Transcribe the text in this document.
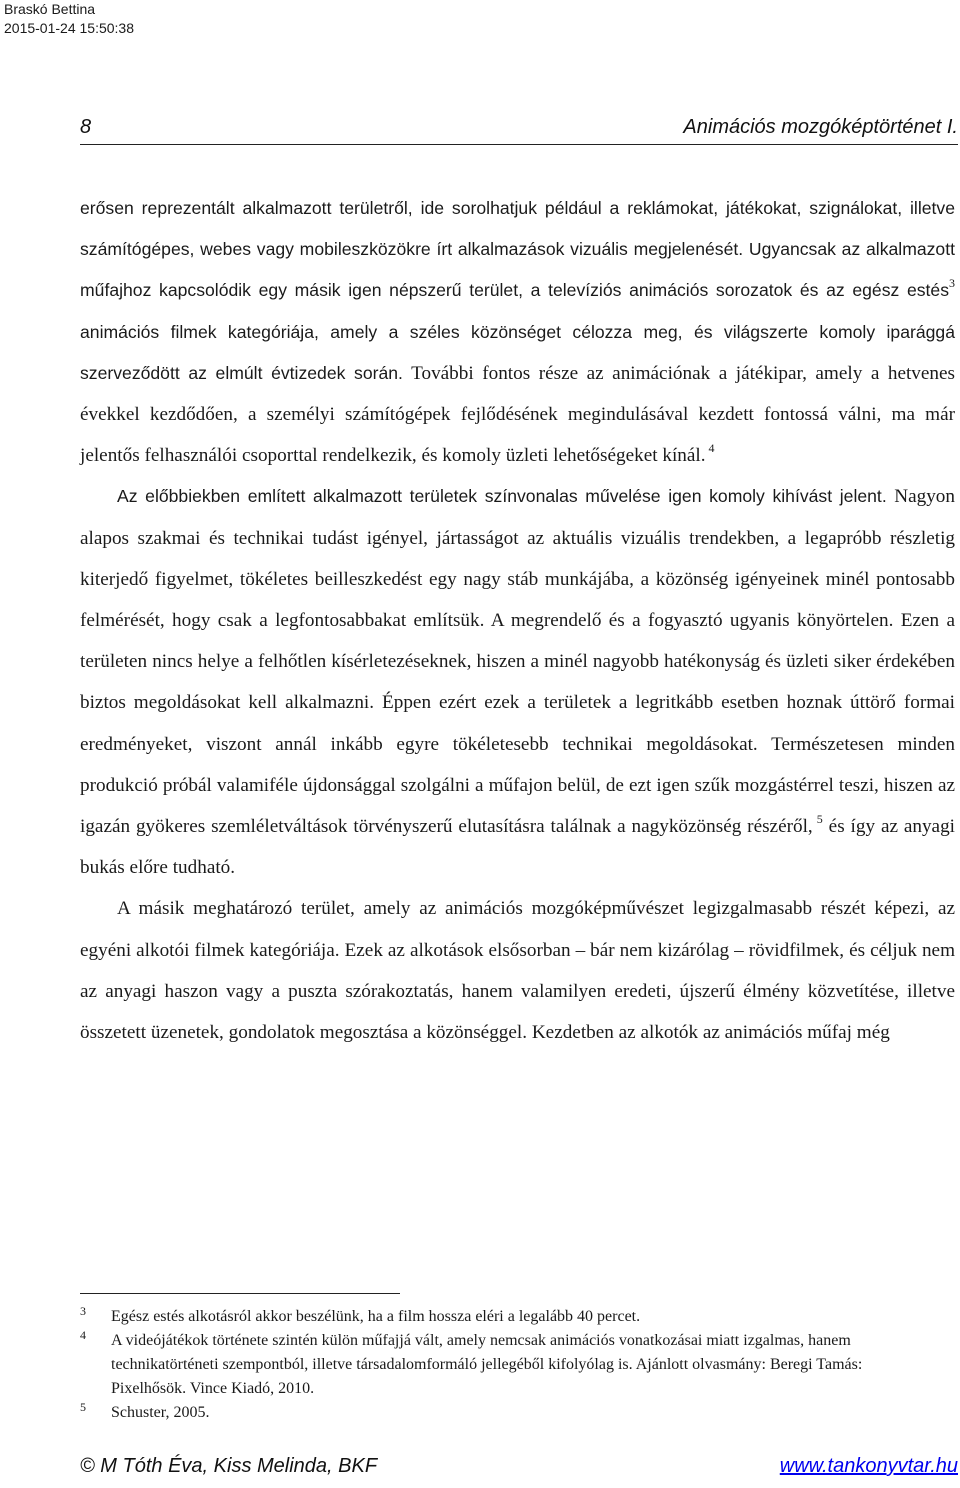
Braskó Bettina
2015-01-24 15:50:38
8	Animációs mozgóképtörténet I.

erősen reprezentált alkalmazott területről, ide sorolhatjuk például a reklámokat, játékokat, szignálokat, illetve számítógépes, webes vagy mobileszközökre írt alkalmazások vizuális megjelenését. Ugyancsak az alkalmazott műfajhoz kapcsolódik egy másik igen népszerű terület, a televíziós animációs sorozatok és az egész estés$^3$ animációs filmek kategóriája, amely a széles közönséget célozza meg, és világszerte komoly iparággá szerveződött az elmúlt évtizedek során. További fontos része az animációnak a játékipar, amely a hetvenes évekkel kezdődően, a személyi számítógépek fejlődésének megindulásával kezdett fontossá válni, ma már jelentős felhasználói csoporttal rendelkezik, és komoly üzleti lehetőségeket kínál. $^4$

Az előbbiekben említett alkalmazott területek színvonalas művelése igen komoly kihívást jelent. Nagyon alapos szakmai és technikai tudást igényel, jártasságot az aktuális vizuális trendekben, a legapróbb részletig kiterjedő figyelmet, tökéletes beilleszkedést egy nagy stáb munkájába, a közönség igényeinek minél pontosabb felmérését, hogy csak a legfontosabbakat említsük. A megrendelő és a fogyasztó ugyanis könyörtelen. Ezen a területen nincs helye a felhőtlen kísérletezéseknek, hiszen a minél nagyobb hatékonyság és üzleti siker érdekében biztos megoldásokat kell alkalmazni. Éppen ezért ezek a területek a legritkább esetben hoznak úttörő formai eredményeket, viszont annál inkább egyre tökéletesebb technikai megoldásokat. Természetesen minden produkció próbál valamiféle újdonsággal szolgálni a műfajon belül, de ezt igen szűk mozgástérrel teszi, hiszen az igazán gyökeres szemléletváltások törvényszerű elutasításra találnak a nagyközönség részéről, $^5$ és így az anyagi bukás előre tudható.

A másik meghatározó terület, amely az animációs mozgóképművészet legizgalmasabb részét képezi, az egyéni alkotói filmek kategóriája. Ezek az alkotások elsősorban – bár nem kizárólag – rövidfilmek, és céljuk nem az anyagi haszon vagy a puszta szórakoztatás, hanem valamilyen eredeti, újszerű élmény közvetítése, illetve összetett üzenetek, gondolatok megosztása a közönséggel. Kezdetben az alkotók az animációs műfaj még

3 Egész estés alkotásról akkor beszélünk, ha a film hossza eléri a legalább 40 percet.
4 A videójátékok története szintén külön műfajjá vált, amely nemcsak animációs vonatkozásai miatt izgalmas, hanem technikatörténeti szempontból, illetve társadalomformáló jellegéből kifolyólag is. Ajánlott olvasmány: Beregi Tamás: Pixelhősök. Vince Kiadó, 2010.
5 Schuster, 2005.
© M Tóth Éva, Kiss Melinda, BKF	www.tankonyvtar.hu
